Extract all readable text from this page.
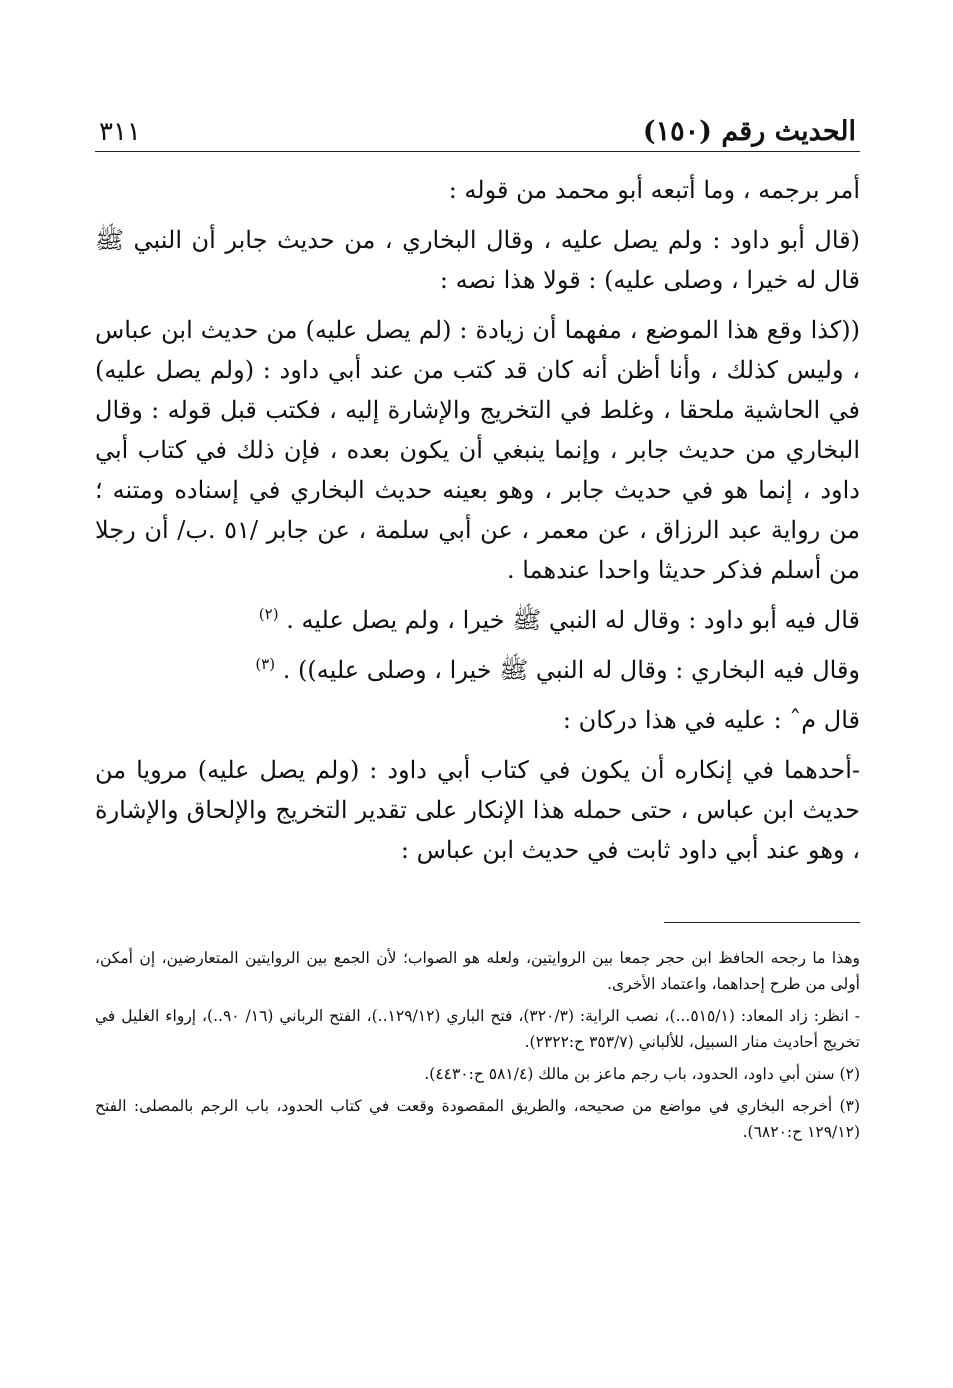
الحديث رقم (١٥٠)
٣١١

أمر برجمه ، وما أتبعه أبو محمد من قوله :

(قال أبو داود : ولم يصل عليه ، وقال البخاري ، من حديث جابر أن النبي ﷺ قال له خيرا ، وصلى عليه) : قولا هذا نصه :

((كذا وقع هذا الموضع ، مفهما أن زيادة : (لم يصل عليه) من حديث ابن عباس ، وليس كذلك ، وأنا أظن أنه كان قد كتب من عند أبي داود : (ولم يصل عليه) في الحاشية ملحقا ، وغلط في التخريج والإشارة إليه ، فكتب قبل قوله : وقال البخاري من حديث جابر ، وإنما ينبغي أن يكون بعده ، فإن ذلك في كتاب أبي داود ، إنما هو في حديث جابر ، وهو بعينه حديث البخاري في إسناده ومتنه ؛ من رواية عبد الرزاق ، عن معمر ، عن أبي سلمة ، عن جابر /٥١ .ب/ أن رجلا من أسلم فذكر حديثا واحدا عندهما .

قال فيه أبو داود : وقال له النبي ﷺ خيرا ، ولم يصل عليه . $^{(٢)}$

وقال فيه البخاري : وقال له النبي ﷺ خيرا ، وصلى عليه)) . $^{(٣)}$

قال مˆ : عليه في هذا دركان :

-أحدهما في إنكاره أن يكون في كتاب أبي داود : (ولم يصل عليه) مرويا من حديث ابن عباس ، حتى حمله هذا الإنكار على تقدير التخريج والإلحاق والإشارة ، وهو عند أبي داود ثابت في حديث ابن عباس :

وهذا ما رجحه الحافظ ابن حجر جمعا بين الروايتين، ولعله هو الصواب؛ لأن الجمع بين الروايتين المتعارضين، إن أمكن، أولى من طرح إحداهما، واعتماد الأخرى.

- انظر: زاد المعاد: (٥١٥/١...)، نصب الراية: (٣٢٠/٣)، فتح الباري (١٢٩/١٢..)، الفتح الرباني (١٦/ ٩٠..)، إرواء الغليل في تخريج أحاديث منار السبيل، للألباني (٣٥٣/٧ ح:٢٣٢٢).

(٢) سنن أبي داود، الحدود، باب رجم ماعز بن مالك (٥٨١/٤ ح:٤٤٣٠).

(٣) أخرجه البخاري في مواضع من صحيحه، والطريق المقصودة وقعت في كتاب الحدود، باب الرجم بالمصلى: الفتح (١٢٩/١٢ ح:٦٨٢٠).
